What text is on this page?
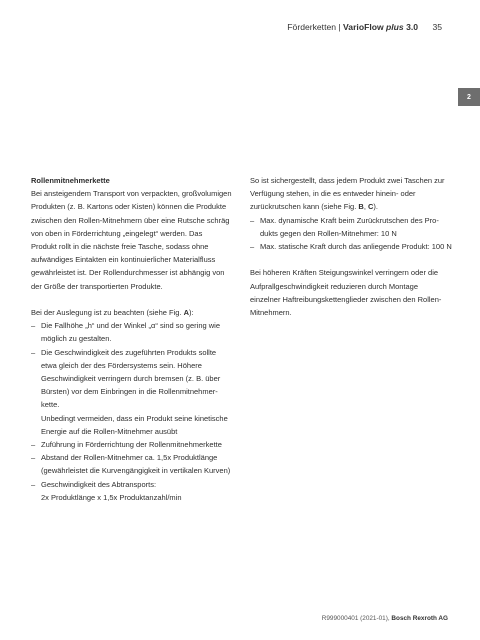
Förderketten | VarioFlow plus 3.0 35
2

Rollenmitnehmerkette

Bei ansteigendem Transport von verpackten, großvolumigen

Produkten (z. B. Kartons oder Kisten) können die Produkte

zwischen den Rollen-Mitnehmern über eine Rutsche schräg

von oben in Förderrichtung „eingelegt“ werden. Das

Produkt rollt in die nächste freie Tasche, sodass ohne

aufwändiges Eintakten ein kontinuierlicher Materialfluss

gewährleistet ist. Der Rollendurchmesser ist abhängig von

der Größe der transportierten Produkte.

Bei der Auslegung ist zu beachten (siehe Fig. A):

– Die Fallhöhe „h“ und der Winkel „α“ sind so gering wie

möglich zu gestalten.

– Die Geschwindigkeit des zugeführten Produkts sollte

etwa gleich der des Fördersystems sein. Höhere

Geschwindigkeit verringern durch bremsen (z. B. über

Bürsten) vor dem Einbringen in die Rollenmitnehmer-

kette.

Unbedingt vermeiden, dass ein Produkt seine kinetische

Energie auf die Rollen-Mitnehmer ausübt

– Zuführung in Förderrichtung der Rollenmitnehmerkette

– Abstand der Rollen-Mitnehmer ca. 1,5x Produktlänge

(gewährleistet die Kurvengängigkeit in vertikalen Kurven)

– Geschwindigkeit des Abtransports:

2x Produktlänge x 1,5x Produktanzahl/min

So ist sichergestellt, dass jedem Produkt zwei Taschen zur

Verfügung stehen, in die es entweder hinein- oder

zurückrutschen kann (siehe Fig. B, C).

– Max. dynamische Kraft beim Zurückrutschen des Pro-

dukts gegen den Rollen-Mitnehmer: 10 N

– Max. statische Kraft durch das anliegende Produkt: 100 N

Bei höheren Kräften Steigungswinkel verringern oder die

Aufprallgeschwindigkeit reduzieren durch Montage

einzelner Haftreibungskettenglieder zwischen den Rollen-

Mitnehmern.

R999000401 (2021-01), Bosch Rexroth AG
